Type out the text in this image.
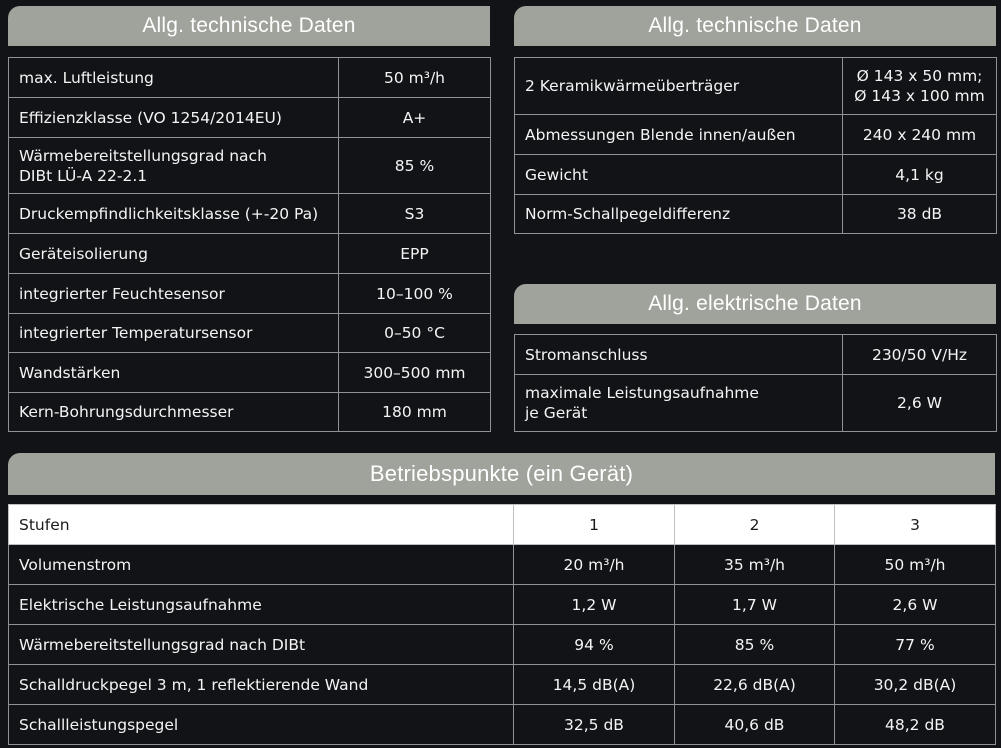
Allg. technische Daten
max. Luftleistung	50 m³/h
Effizienzklasse (VO 1254/2014EU)	A+

Wärmebereitstellungsgrad nach
DIBt LÜ-A 22-2.1	85 %
Druckempfindlichkeitsklasse (+-20 Pa)	S3
Geräteisolierung	EPP
integrierter Feuchtesensor	10–100 %
integrierter Temperatursensor	0–50 °C
Wandstärken	300–500 mm
Kern-Bohrungsdurchmesser	180 mm
Allg. technische Daten
2 Keramikwärmeüberträger	Ø 143 x 50 mm;
Ø 143 x 100 mm

Abmessungen Blende innen/außen	240 x 240 mm
Gewicht	4,1 kg
Norm-Schallpegeldifferenz	38 dB
Allg. elektrische Daten
Stromanschluss	230/50 V/Hz

maximale Leistungsaufnahme
je Gerät	2,6 W
Betriebspunkte (ein Gerät)
Stufen	1	2	3
Volumenstrom	20 m³/h	35 m³/h	50 m³/h
Elektrische Leistungsaufnahme	1,2 W	1,7 W	2,6 W
Wärmebereitstellungsgrad nach DIBt	94 %	85 %	77 %
Schalldruckpegel 3 m, 1 reflektierende Wand	14,5 dB(A)	22,6 dB(A)	30,2 dB(A)
Schallleistungspegel	32,5 dB	40,6 dB	48,2 dB
